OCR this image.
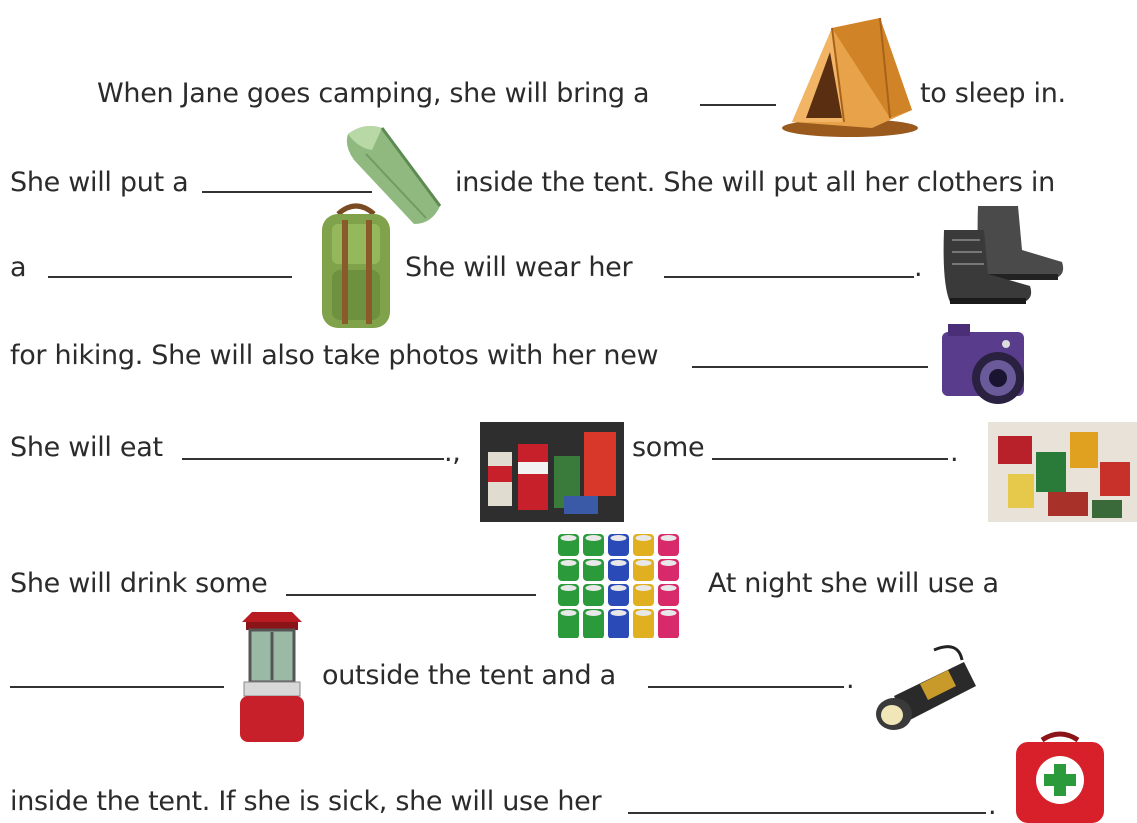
When Jane goes camping, she will bring a	to sleep in.
She will put a	inside the tent. She will put all her clothers in
a	She will wear her	.
for hiking. She will also take photos with her new
She will eat	.,	some	.
She will drink some	At night she will use a
outside the tent and a	.
inside the tent. If she is sick, she will use her	.
